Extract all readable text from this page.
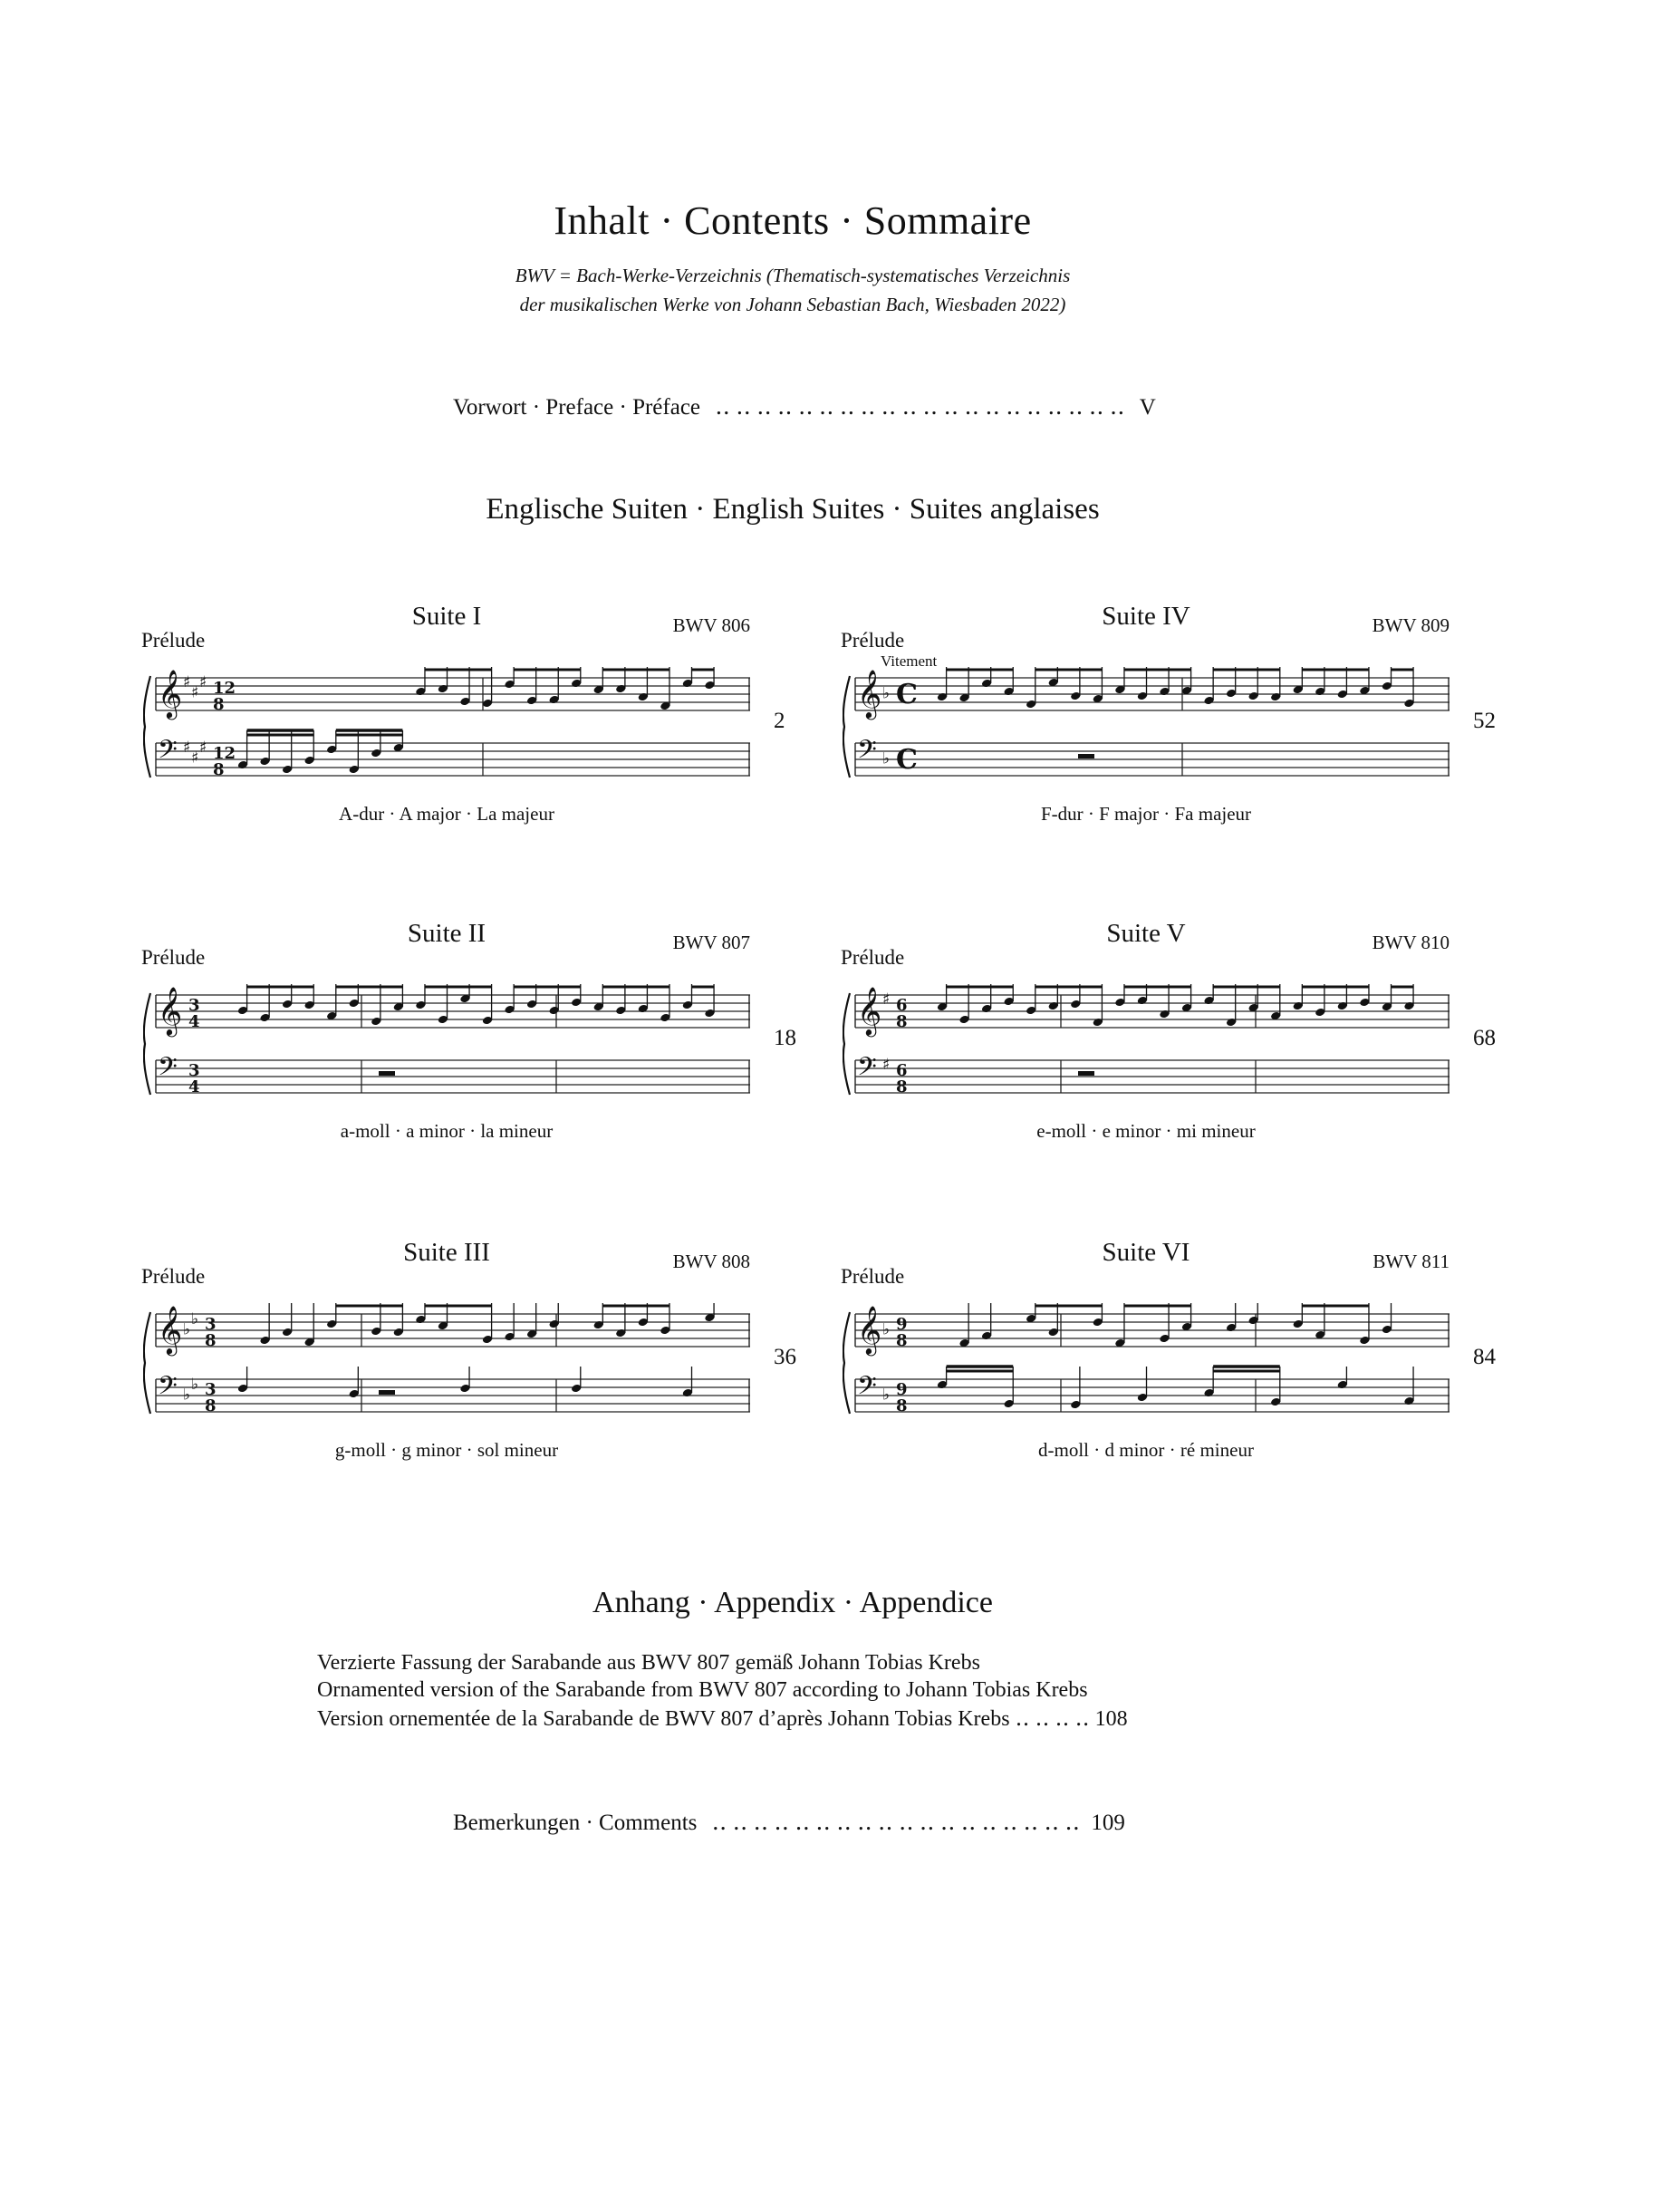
Inhalt · Contents · Sommaire
BWV = Bach-Werke-Verzeichnis (Thematisch-systematisches Verzeichnis
der musikalischen Werke von Johann Sebastian Bach, Wiesbaden 2022)
Vorwort · Preface · Préface ‥ ‥ ‥ ‥ ‥ ‥ ‥ ‥ ‥ ‥ ‥ ‥ ‥ ‥ ‥ ‥ ‥ ‥ ‥ ‥ V
Englische Suiten · English Suites · Suites anglaises
Suite I
Prélude
BWV 806
A-dur · A major · La majeur
2
𝄞 ♯
♯
♯ 12
8
𝄢 ♯
♯
♯ 12
8
Suite IV
Prélude
BWV 809
Vitement
F-dur · F major · Fa majeur
52
𝄞 ♭ C
𝄢 ♭ C
Suite II
Prélude
BWV 807
a-moll · a minor · la mineur
18
𝄞 3
4
𝄢 3
4
Suite V
Prélude
BWV 810
e-moll · e minor · mi mineur
68
𝄞 ♯ 6
8
𝄢 ♯ 6
8
Suite III
Prélude
BWV 808
g-moll · g minor · sol mineur
36
𝄞 ♭
♭ 3
8
𝄢 ♭
♭ 3
8
Suite VI
Prélude
BWV 811
d-moll · d minor · ré mineur
84
𝄞 ♭ 9
8
𝄢 ♭ 9
8
Anhang · Appendix · Appendice
Verzierte Fassung der Sarabande aus BWV 807 gemäß Johann Tobias Krebs
Ornamented version of the Sarabande from BWV 807 according to Johann Tobias Krebs
Version ornementée de la Sarabande de BWV 807 d’après Johann Tobias Krebs ‥ ‥ ‥ ‥ 108
Bemerkungen · Comments ‥ ‥ ‥ ‥ ‥ ‥ ‥ ‥ ‥ ‥ ‥ ‥ ‥ ‥ ‥ ‥ ‥ ‥ 109
